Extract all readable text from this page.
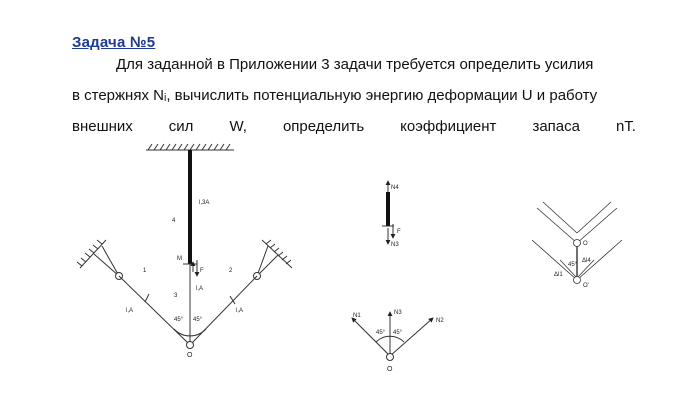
Задача №5
Для заданной в Приложении 3 задачи требуется определить усилия
в стержнях Nᵢ, вычислить потенциальную энергию деформации U и работу
внешних сил W, определить коэффициент запаса nT.
l,3A
4
M
F
3
l,A
1
l,A
2
l,A
45° 45°
O
N4
F
N3
N1	N3
N2
45° 45°
O
O
O'
Δl4
Δl1
45°
